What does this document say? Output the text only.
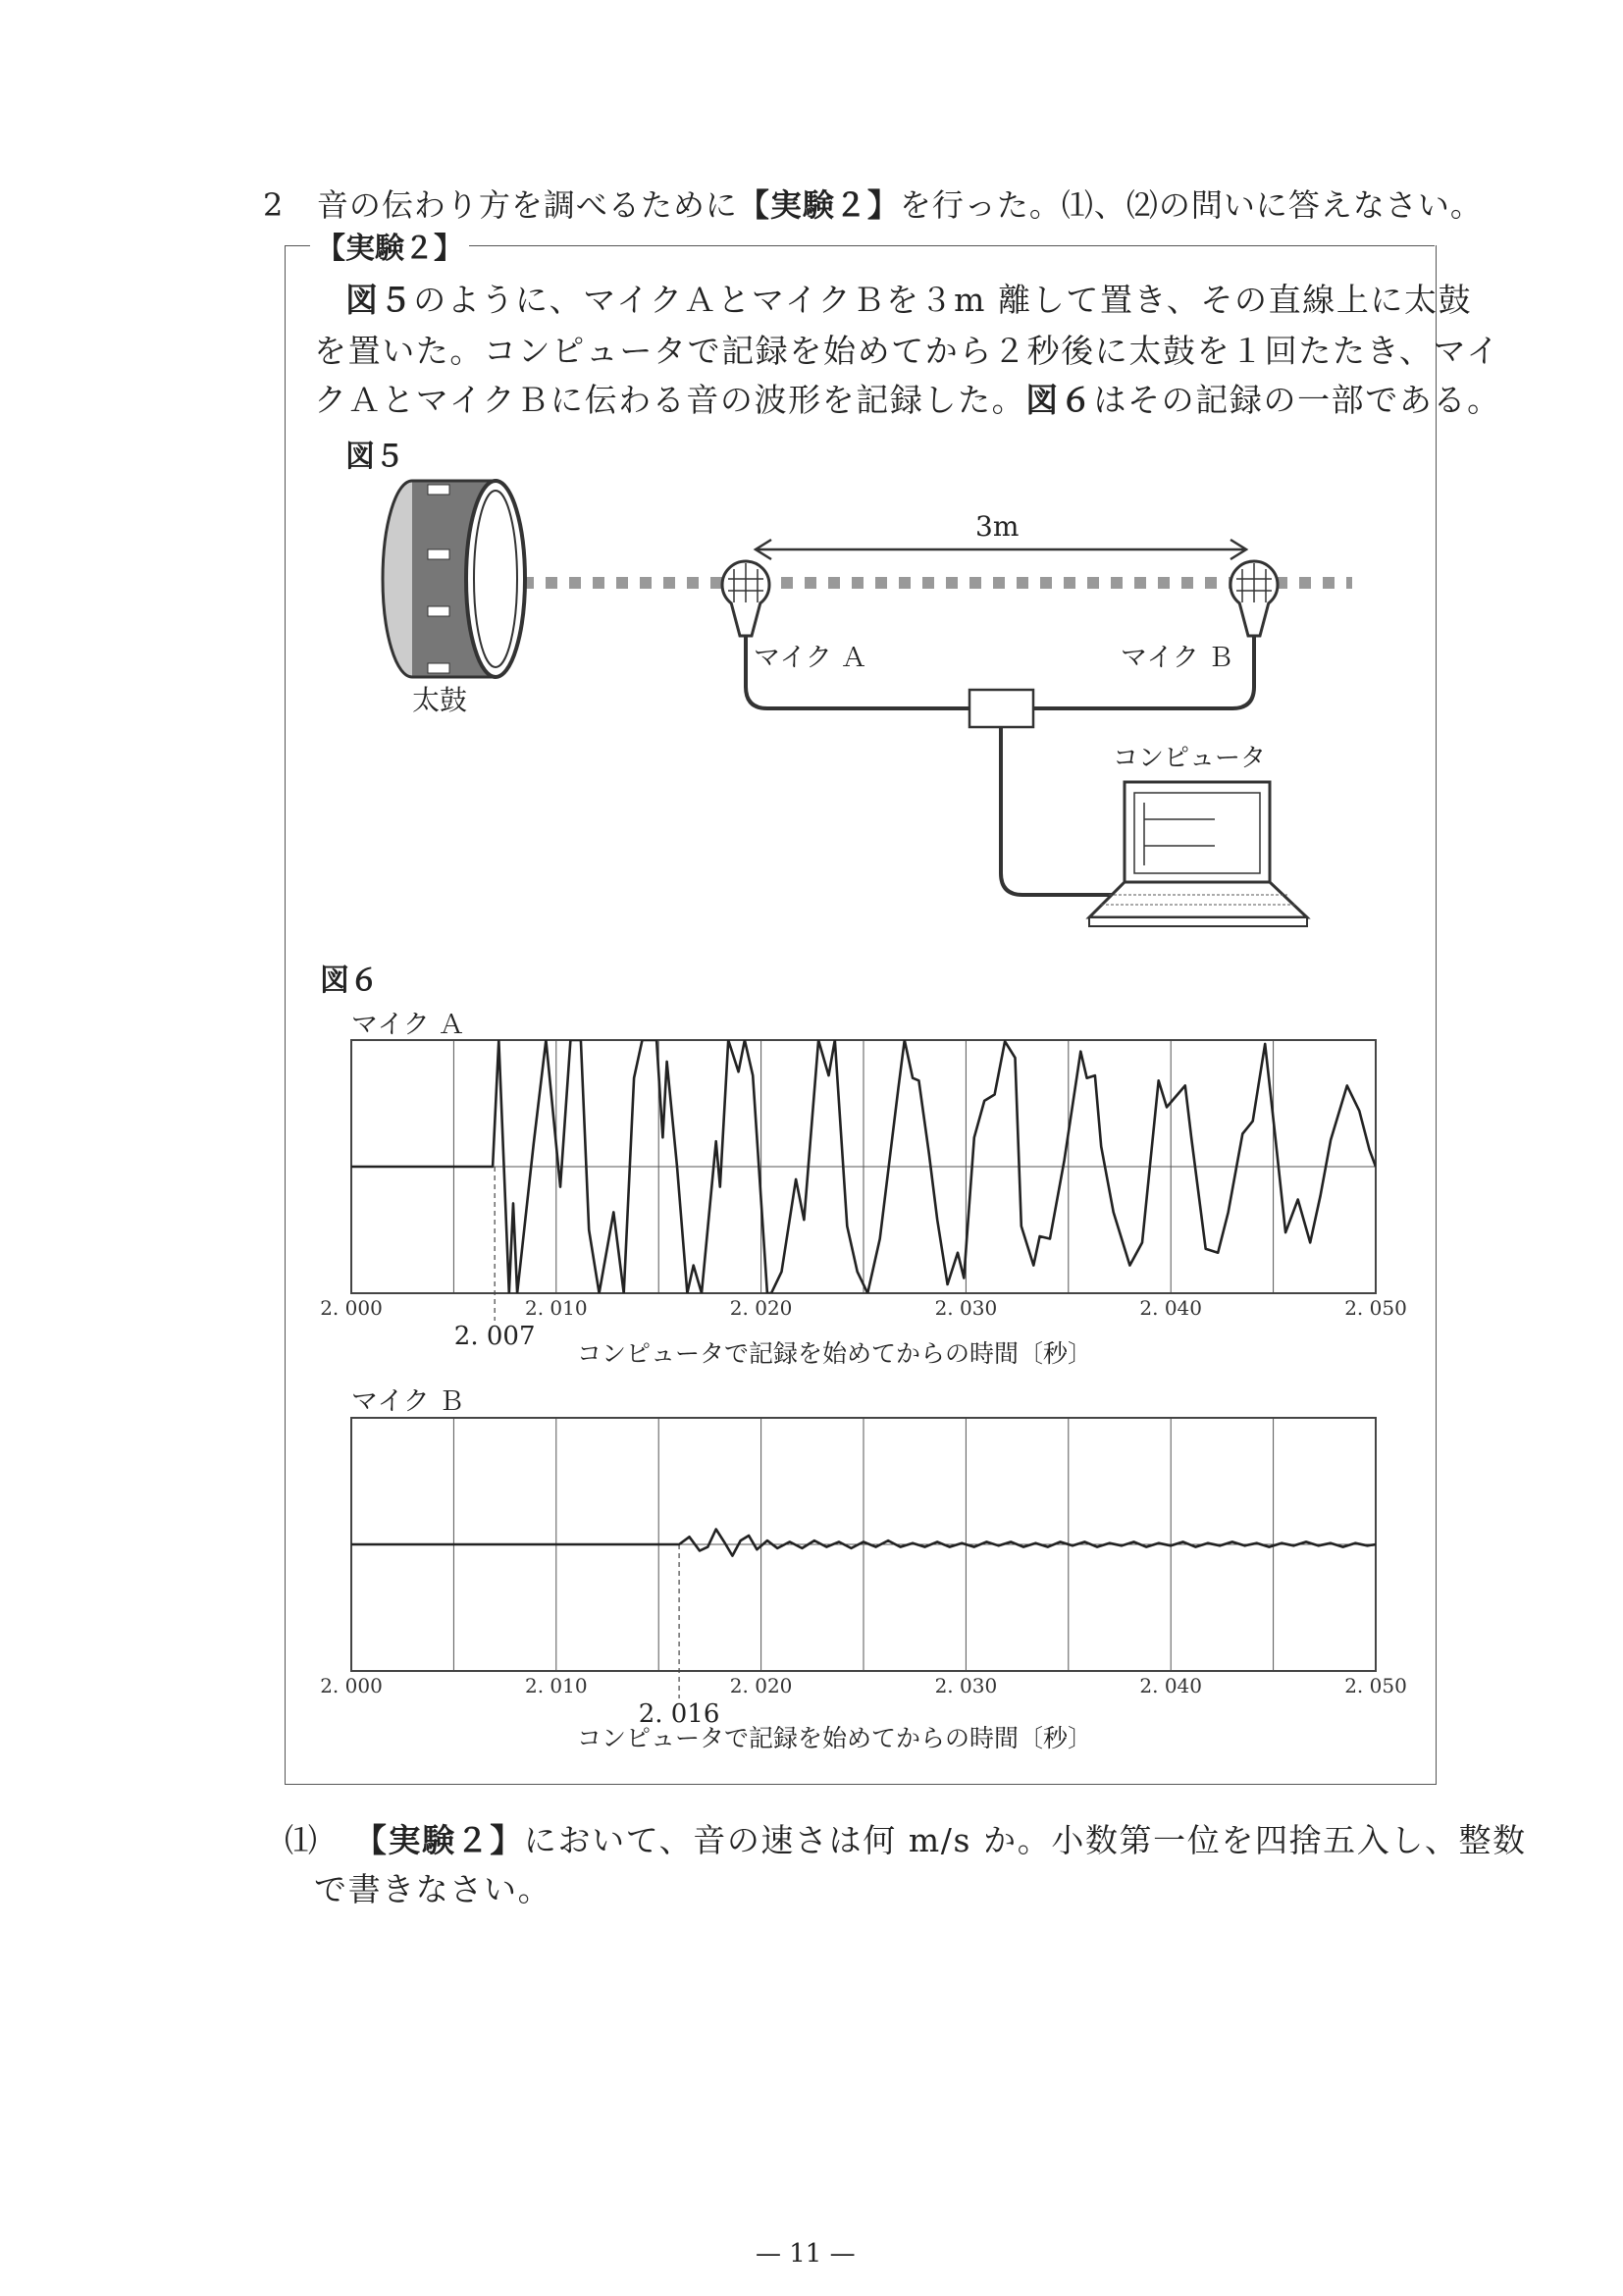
2 音の伝わり方を調べるために【実験２】を行った。⑴、⑵の問いに答えなさい。
【実験２】
図５のように、マイクＡとマイクＢを３m 離して置き、その直線上に太鼓
を置いた。コンピュータで記録を始めてから２秒後に太鼓を１回たたき、マイ
クＡとマイクＢに伝わる音の波形を記録した。図６はその記録の一部である。
図５
太鼓
3m
マイク Ａ	マイク Ｂ
コンピュータ
図６
マイク Ａ
2. 000	2. 010	2. 020	2. 030	2. 040	2. 050
2. 007
コンピュータで記録を始めてからの時間〔秒〕
マイク Ｂ
2. 000	2. 010	2. 020	2. 030	2. 040	2. 050
2. 016
コンピュータで記録を始めてからの時間〔秒〕
⑴ 【実験２】において、音の速さは何 m/s か。小数第一位を四捨五入し、整数
で書きなさい。
— 11 —
